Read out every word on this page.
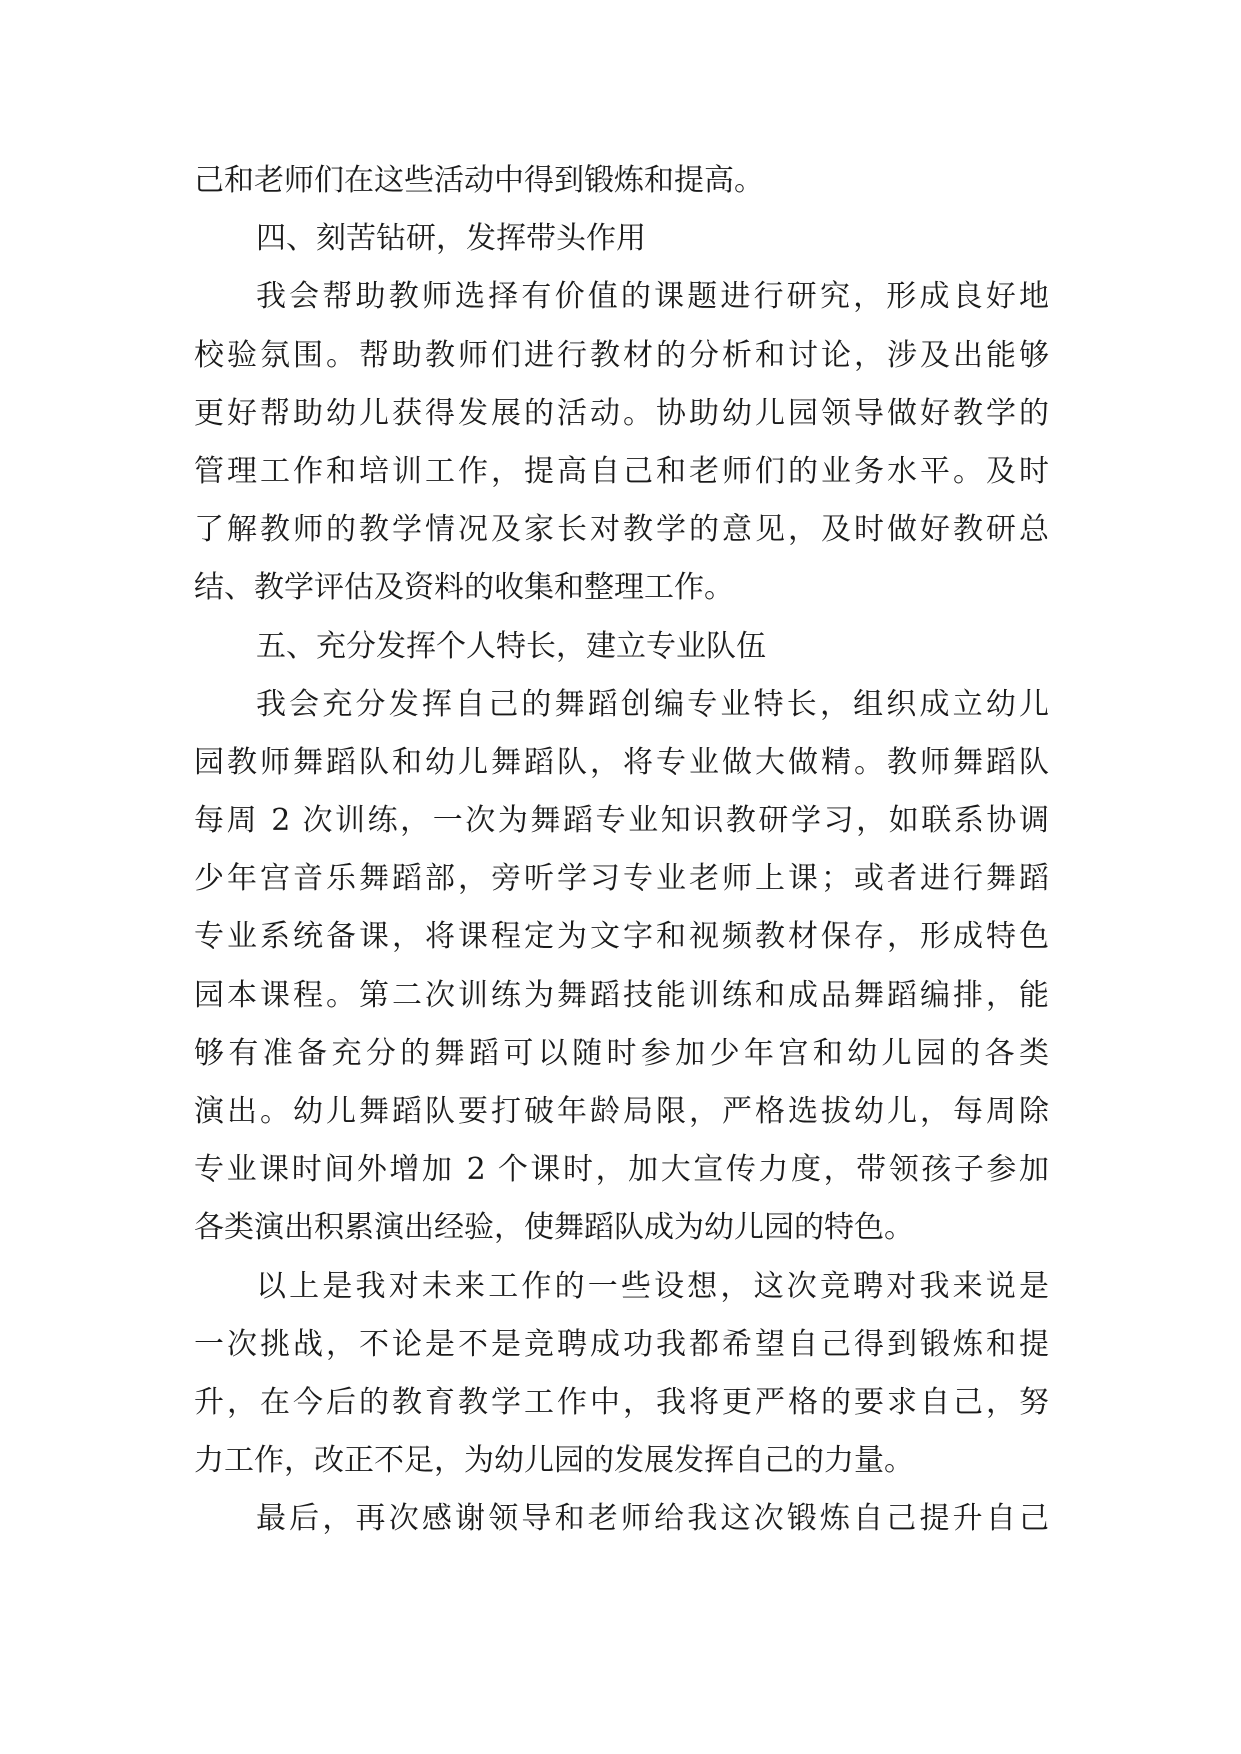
己和老师们在这些活动中得到锻炼和提高。
四、刻苦钻研，发挥带头作用
我会帮助教师选择有价值的课题进行研究，形成良好地
校验氛围。帮助教师们进行教材的分析和讨论，涉及出能够
更好帮助幼儿获得发展的活动。协助幼儿园领导做好教学的
管理工作和培训工作，提高自己和老师们的业务水平。及时
了解教师的教学情况及家长对教学的意见，及时做好教研总
结、教学评估及资料的收集和整理工作。
五、充分发挥个人特长，建立专业队伍
我会充分发挥自己的舞蹈创编专业特长，组织成立幼儿
园教师舞蹈队和幼儿舞蹈队，将专业做大做精。教师舞蹈队
每周 2 次训练，一次为舞蹈专业知识教研学习，如联系协调
少年宫音乐舞蹈部，旁听学习专业老师上课；或者进行舞蹈
专业系统备课，将课程定为文字和视频教材保存，形成特色
园本课程。第二次训练为舞蹈技能训练和成品舞蹈编排，能
够有准备充分的舞蹈可以随时参加少年宫和幼儿园的各类
演出。幼儿舞蹈队要打破年龄局限，严格选拔幼儿，每周除
专业课时间外增加 2 个课时，加大宣传力度，带领孩子参加
各类演出积累演出经验，使舞蹈队成为幼儿园的特色。
以上是我对未来工作的一些设想，这次竞聘对我来说是
一次挑战，不论是不是竞聘成功我都希望自己得到锻炼和提
升，在今后的教育教学工作中，我将更严格的要求自己，努
力工作，改正不足，为幼儿园的发展发挥自己的力量。
最后，再次感谢领导和老师给我这次锻炼自己提升自己
